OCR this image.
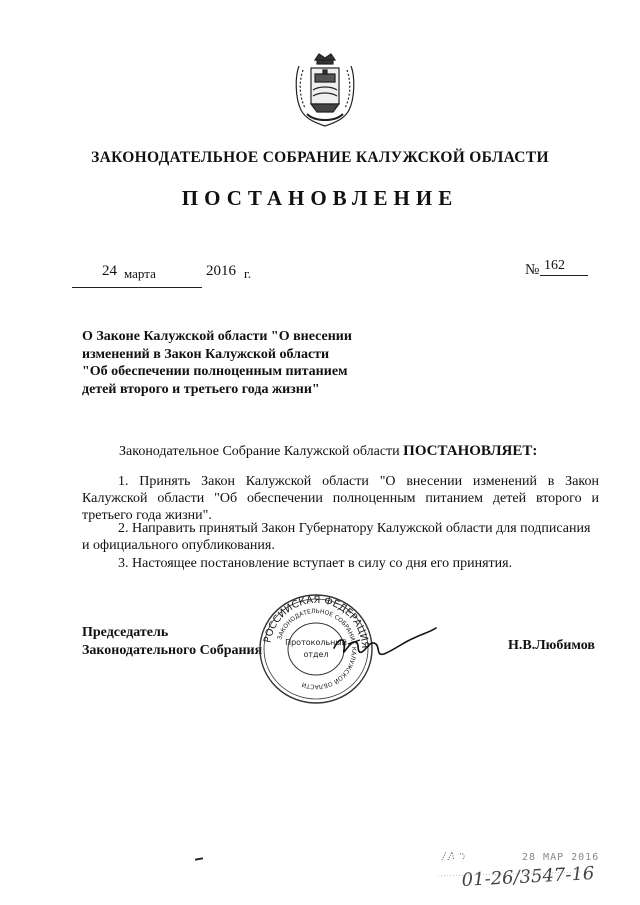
ЗАКОНОДАТЕЛЬНОЕ СОБРАНИЕ КАЛУЖСКОЙ ОБЛАСТИ
ПОСТАНОВЛЕНИЕ
24 марта	2016 г.	№ 162
О Законе Калужской области "О внесении
изменений в Закон Калужской области
"Об обеспечении полноценным питанием
детей второго и третьего года жизни"
Законодательное Собрание Калужской области ПОСТАНОВЛЯЕТ:
1. Принять Закон Калужской области "О внесении изменений в Закон Калужской области "Об обеспечении полноценным питанием детей второго и третьего года жизни".
2. Направить принятый Закон Губернатору Калужской области для подписания и официального опубликования.
3. Настоящее постановление вступает в силу со дня его принятия.
Председатель
Законодательного Собрания	Н.В.Любимов
РОССИЙСКАЯ ФЕДЕРАЦИЯ
ЗАКОНОДАТЕЛЬНОЕ СОБРАНИЕ КАЛУЖСКОЙ ОБЛАСТИ
Протокольный
отдел
28 МАР 2016
01-26/3547-16
